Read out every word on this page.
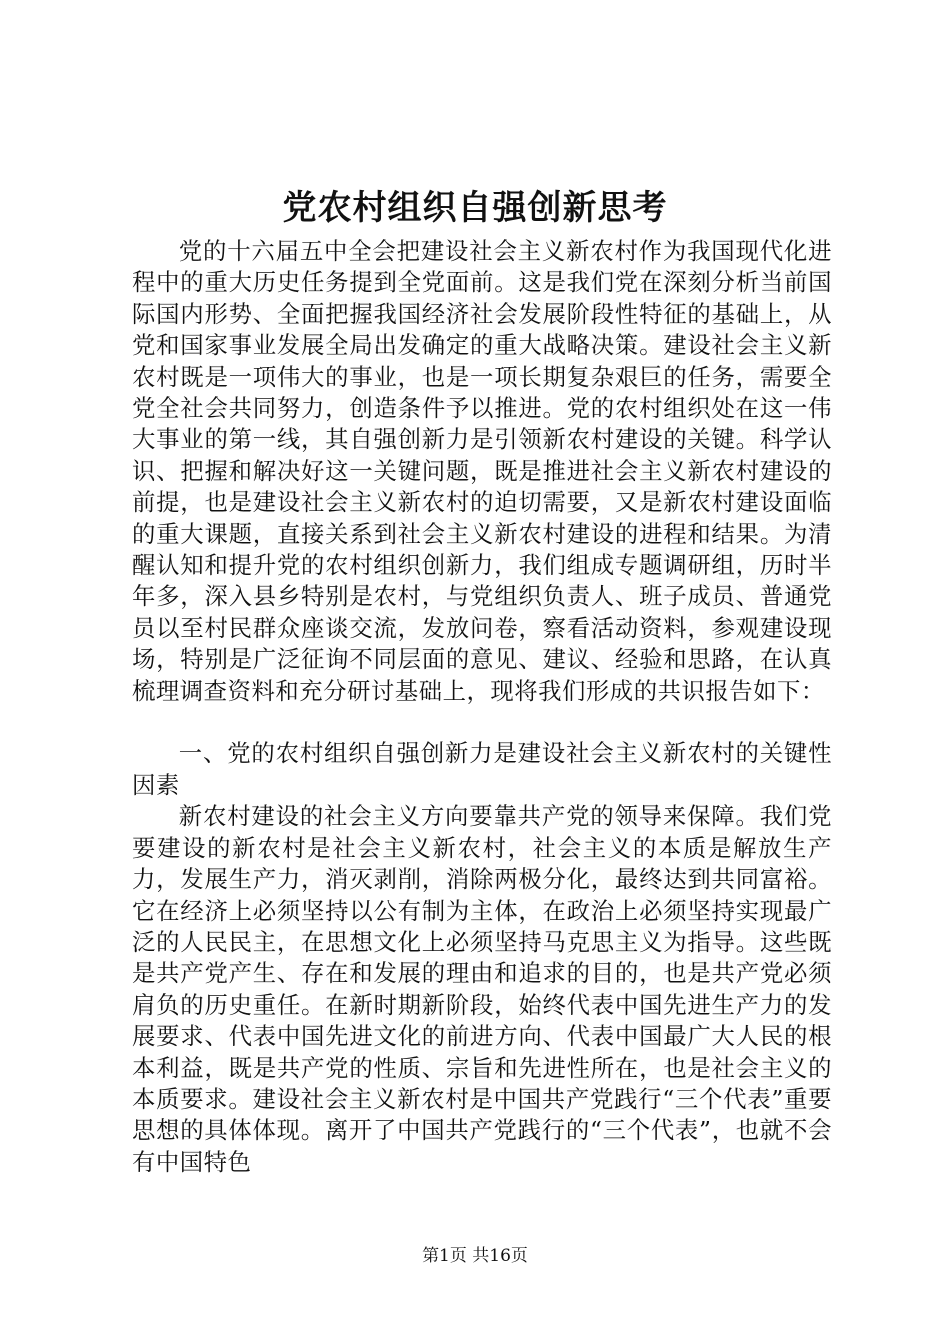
党农村组织自强创新思考

党的十六届五中全会把建设社会主义新农村作为我国现代化进程中的重大历史任务提到全党面前。这是我们党在深刻分析当前国际国内形势、全面把握我国经济社会发展阶段性特征的基础上，从党和国家事业发展全局出发确定的重大战略决策。建设社会主义新农村既是一项伟大的事业，也是一项长期复杂艰巨的任务，需要全党全社会共同努力，创造条件予以推进。党的农村组织处在这一伟大事业的第一线，其自强创新力是引领新农村建设的关键。科学认识、把握和解决好这一关键问题，既是推进社会主义新农村建设的前提，也是建设社会主义新农村的迫切需要，又是新农村建设面临的重大课题，直接关系到社会主义新农村建设的进程和结果。为清醒认知和提升党的农村组织创新力，我们组成专题调研组，历时半年多，深入县乡特别是农村，与党组织负责人、班子成员、普通党员以至村民群众座谈交流，发放问卷，察看活动资料，参观建设现场，特别是广泛征询不同层面的意见、建议、经验和思路，在认真梳理调查资料和充分研讨基础上，现将我们形成的共识报告如下：

一、党的农村组织自强创新力是建设社会主义新农村的关键性因素

新农村建设的社会主义方向要靠共产党的领导来保障。我们党要建设的新农村是社会主义新农村，社会主义的本质是解放生产力，发展生产力，消灭剥削，消除两极分化，最终达到共同富裕。它在经济上必须坚持以公有制为主体，在政治上必须坚持实现最广泛的人民民主，在思想文化上必须坚持马克思主义为指导。这些既是共产党产生、存在和发展的理由和追求的目的，也是共产党必须肩负的历史重任。在新时期新阶段，始终代表中国先进生产力的发展要求、代表中国先进文化的前进方向、代表中国最广大人民的根本利益，既是共产党的性质、宗旨和先进性所在，也是社会主义的本质要求。建设社会主义新农村是中国共产党践行“三个代表”重要思想的具体体现。离开了中国共产党践行的“三个代表”，也就不会有中国特色

第1页 共16页
